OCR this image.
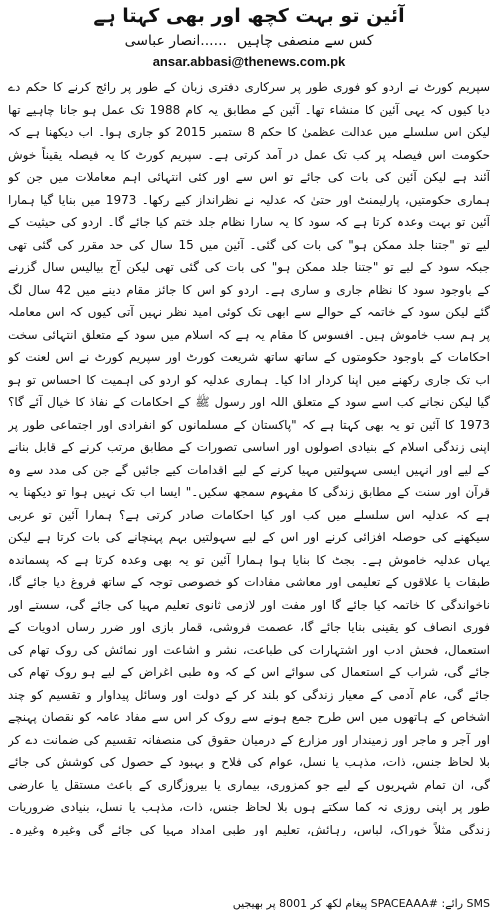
آئین تو بہت کچھ اور بھی کہتا ہے
کس سے منصفی چاہیں......انصار عباسی
ansar.abbasi@thenews.com.pk

سپریم کورٹ نے اردو کو فوری طور پر سرکاری دفتری زبان کے طور پر رائج کرنے کا حکم دے دیا کیوں کہ یہی آئین کا منشاء تھا۔ آئین کے مطابق یہ کام 1988 تک عمل ہو جانا چاہیے تھا لیکن اس سلسلے میں عدالت عظمیٰ کا حکم 8 ستمبر 2015 کو جاری ہوا۔ اب دیکھنا ہے کہ حکومت اس فیصلہ پر کب تک عمل در آمد کرتی ہے۔ سپریم کورٹ کا یہ فیصلہ یقیناً خوش آئند ہے لیکن آئین کی بات کی جائے تو اس سے اور کئی انتہائی اہم معاملات میں جن کو ہماری حکومتیں، پارلیمنٹ اور حتیٰ کہ عدلیہ نے نظرانداز کیے رکھا۔ 1973 میں بنایا گیا ہمارا آئین تو بہت وعدہ کرتا ہے کہ سود کا یہ سارا نظام جلد ختم کیا جائے گا۔ اردو کی حیثیت کے لیے تو "جتنا جلد ممکن ہو" کی بات کی گئی۔ آئین میں 15 سال کی حد مقرر کی گئی تھی جبکہ سود کے لیے تو "جتنا جلد ممکن ہو" کی بات کی گئی تھی لیکن آج بیالیس سال گزرنے کے باوجود سود کا نظام جاری و ساری ہے۔ اردو کو اس کا جائز مقام دینے میں 42 سال لگ گئے لیکن سود کے خاتمہ کے حوالے سے ابھی تک کوئی امید نظر نہیں آتی کیوں کہ اس معاملہ پر ہم سب خاموش ہیں۔ افسوس کا مقام یہ ہے کہ اسلام میں سود کے متعلق انتہائی سخت احکامات کے باوجود حکومتوں کے ساتھ ساتھ شریعت کورٹ اور سپریم کورٹ نے اس لعنت کو اب تک جاری رکھنے میں اپنا کردار ادا کیا۔ ہماری عدلیہ کو اردو کی اہمیت کا احساس تو ہو گیا لیکن نجانے کب اسے سود کے متعلق اللہ اور رسول ﷺ کے احکامات کے نفاذ کا خیال آئے گا؟ 1973 کا آئین تو یہ بھی کہتا ہے کہ "پاکستان کے مسلمانوں کو انفرادی اور اجتماعی طور پر اپنی زندگی اسلام کے بنیادی اصولوں اور اساسی تصورات کے مطابق مرتب کرنے کے قابل بنانے کے لیے اور انہیں ایسی سہولتیں مہیا کرنے کے لیے اقدامات کیے جائیں گے جن کی مدد سے وہ قرآن اور سنت کے مطابق زندگی کا مفہوم سمجھ سکیں۔" ایسا اب تک نہیں ہوا تو دیکھنا یہ ہے کہ عدلیہ اس سلسلے میں کب اور کیا احکامات صادر کرتی ہے؟ ہمارا آئین تو عربی سیکھنے کی حوصلہ افزائی کرنے اور اس کے لیے سہولتیں بہم پہنچانے کی بات کرتا ہے لیکن یہاں عدلیہ خاموش ہے۔ بجٹ کا بنایا ہوا ہمارا آئین تو یہ بھی وعدہ کرتا ہے کہ پسماندہ طبقات یا علاقوں کے تعلیمی اور معاشی مفادات کو خصوصی توجہ کے ساتھ فروغ دیا جائے گا، ناخواندگی کا خاتمہ کیا جائے گا اور مفت اور لازمی ثانوی تعلیم مہیا کی جائے گی، سستے اور فوری انصاف کو یقینی بنایا جائے گا، عصمت فروشی، قمار بازی اور ضرر رساں ادویات کے استعمال، فحش ادب اور اشتہارات کی طباعت، نشر و اشاعت اور نمائش کی روک تھام کی جائے گی، شراب کے استعمال کی سوائے اس کے کہ وہ طبی اغراض کے لیے ہو روک تھام کی جائے گی، عام آدمی کے معیار زندگی کو بلند کر کے دولت اور وسائل پیداوار و تقسیم کو چند اشخاص کے ہاتھوں میں اس طرح جمع ہونے سے روک کر اس سے مفاد عامہ کو نقصان پہنچے اور آجر و ماجر اور زمیندار اور مزارع کے درمیان حقوق کی منصفانہ تقسیم کی ضمانت دے کر بلا لحاظ جنس، ذات، مذہب یا نسل، عوام کی فلاح و بہبود کے حصول کی کوشش کی جائے گی، ان تمام شہریوں کے لیے جو کمزوری، بیماری یا بیروزگاری کے باعث مستقل یا عارضی طور پر اپنی روزی نہ کما سکتے ہوں بلا لحاظ جنس، ذات، مذہب یا نسل، بنیادی ضروریات زندگی مثلاً خوراک، لباس، رہائش، تعلیم اور طبی امداد مہیا کی جائے گی وغیرہ وغیرہ۔

SMS رائے: #SPACEAAA پیغام لکھ کر 8001 پر بھیجیں
